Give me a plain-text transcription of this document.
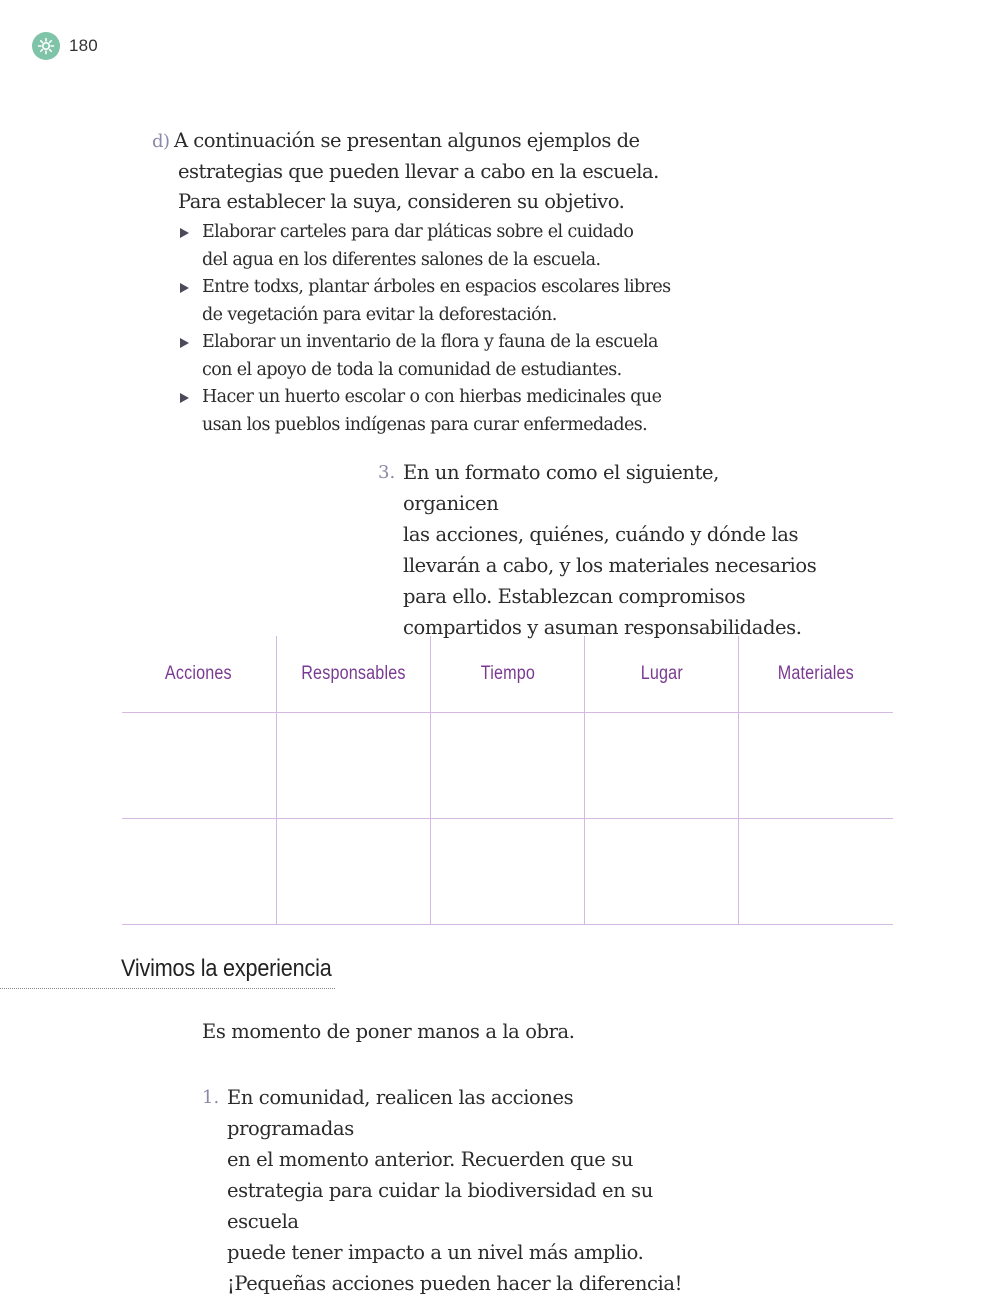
180
d) A continuación se presentan algunos ejemplos de
estrategias que pueden llevar a cabo en la escuela.
Para establecer la suya, consideren su objetivo.
Elaborar carteles para dar pláticas sobre el cuidado
del agua en los diferentes salones de la escuela.
Entre todxs, plantar árboles en espacios escolares libres
de vegetación para evitar la deforestación.
Elaborar un inventario de la flora y fauna de la escuela
con el apoyo de toda la comunidad de estudiantes.
Hacer un huerto escolar o con hierbas medicinales que
usan los pueblos indígenas para curar enfermedades.
3. En un formato como el siguiente, organicen
las acciones, quiénes, cuándo y dónde las
llevarán a cabo, y los materiales necesarios
para ello. Establezcan compromisos
compartidos y asuman responsabilidades.
Acciones	Responsables	Tiempo	Lugar	Materiales

Vivimos la experiencia
Es momento de poner manos a la obra.
1. En comunidad, realicen las acciones programadas
en el momento anterior. Recuerden que su
estrategia para cuidar la biodiversidad en su escuela
puede tener impacto a un nivel más amplio.
¡Pequeñas acciones pueden hacer la diferencia!
